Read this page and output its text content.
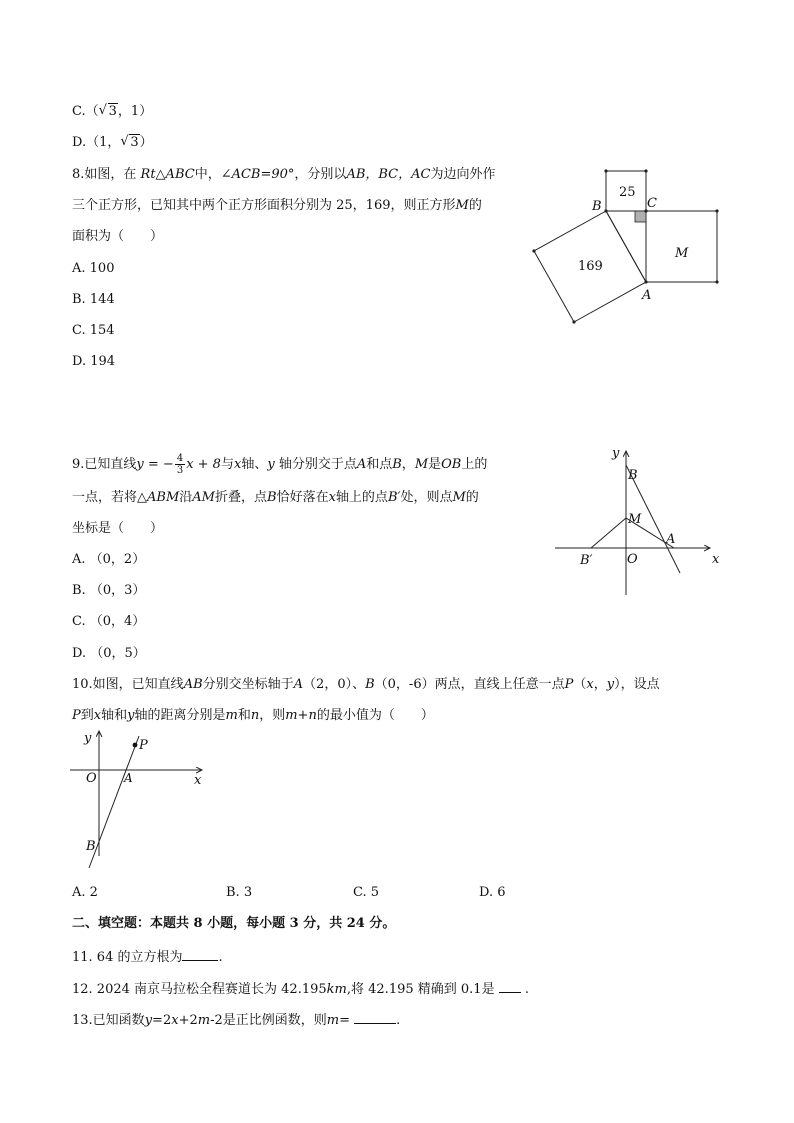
C.（ √ 3，1）
D.（1， √ 3）
8.如图，在 Rt△ABC中，∠ACB=90°，分别以AB，BC，AC为边向外作
三个正方形，已知其中两个正方形面积分别为 25，169，则正方形M的
面积为（　　）
A. 100
B. 144
C. 154
D. 194
25
169
M
B	C
A
9.已知直线y = − $\frac{4}{3}$ x + 8与x轴、y 轴分别交于点A和点B，M是OB上的
一点，若将△ABM沿AM折叠，点B恰好落在x轴上的点B′处，则点M的
坐标是（　　）
A. （0，2）
B. （0，3）
C. （0，4）
D. （0，5）
y
B
M
A
x
B′	O
10.如图，已知直线AB分别交坐标轴于A（2，0）、B（0，-6）两点，直线上任意一点P（x，y），设点
P到x轴和y轴的距离分别是m和n，则m+n的最小值为（　　）
y	P
O A	x
B
A. 2	B. 3	C. 5	D. 6
二、填空题：本题共 8 小题，每小题 3 分，共 24 分。
11. 64 的立方根为	.
12. 2024 南京马拉松全程赛道长为 42.195km,将 42.195 精确到 0.1是 .
13.已知函数y=2x+2m-2是正比例函数，则m=	.
